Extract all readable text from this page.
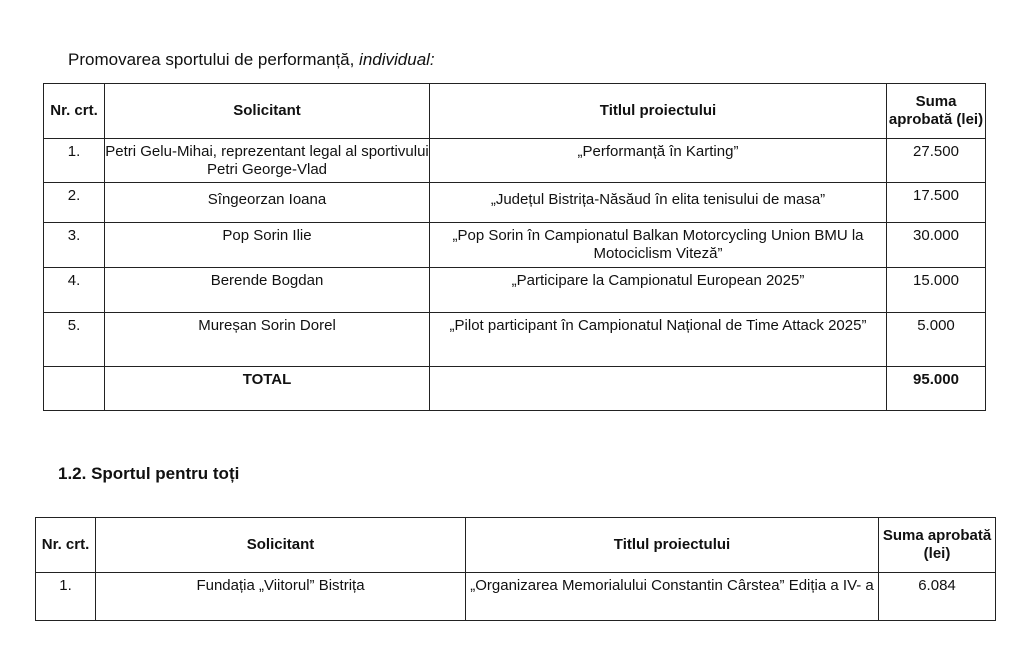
Promovarea sportului de performanță, individual:
Nr. crt.	Solicitant	Titlul proiectului	Suma aprobată (lei)
1.	Petri Gelu-Mihai, reprezentant legal al sportivului Petri George-Vlad	„Performanță în Karting”	27.500
2.	Sîngeorzan Ioana	„Județul Bistrița-Năsăud în elita tenisului de masa”	17.500
3.	Pop Sorin Ilie	„Pop Sorin în Campionatul Balkan Motorcycling Union BMU la Motociclism Viteză”	30.000
4.	Berende Bogdan	„Participare la Campionatul European 2025”	15.000
5.	Mureșan Sorin Dorel	„Pilot participant în Campionatul Național de Time Attack 2025”	5.000
	TOTAL		95.000
1.2. Sportul pentru toți
Nr. crt.	Solicitant	Titlul proiectului	Suma aprobată (lei)
1.	Fundația „Viitorul” Bistrița	„Organizarea Memorialului Constantin Cârstea” Ediția a IV- a	6.084
